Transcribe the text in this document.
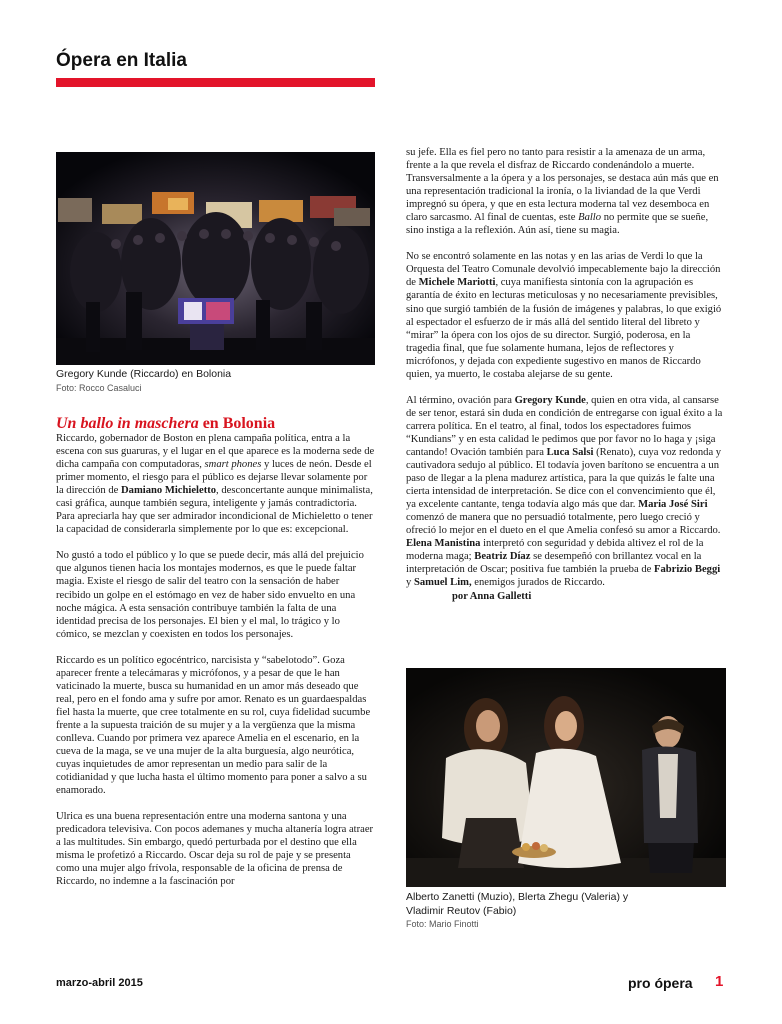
Ópera en Italia
Gregory Kunde (Riccardo) en Bolonia
Foto: Rocco Casaluci
Un ballo in maschera en Bolonia

Riccardo, gobernador de Boston en plena campaña política, entra a la escena con sus guaruras, y el lugar en el que aparece es la moderna sede de dicha campaña con computadoras, smart phones y luces de neón. Desde el primer momento, el riesgo para el público es dejarse llevar solamente por la dirección de Damiano Michieletto, desconcertante aunque minimalista, casi gráfica, aunque también segura, inteligente y jamás contradictoria. Para apreciarla hay que ser admirador incondicional de Michieletto o tener la capacidad de considerarla simplemente por lo que es: excepcional.

No gustó a todo el público y lo que se puede decir, más allá del prejuicio que algunos tienen hacia los montajes modernos, es que le puede faltar magia. Existe el riesgo de salir del teatro con la sensación de haber recibido un golpe en el estómago en vez de haber sido envuelto en una noche mágica. A esta sensación contribuye también la falta de una identidad precisa de los personajes. El bien y el mal, lo trágico y lo cómico, se mezclan y coexisten en todos los personajes.

Riccardo es un político egocéntrico, narcisista y “sabelotodo”. Goza aparecer frente a telecámaras y micrófonos, y a pesar de que le han vaticinado la muerte, busca su humanidad en un amor más deseado que real, pero en el fondo ama y sufre por amor. Renato es un guardaespaldas fiel hasta la muerte, que cree totalmente en su rol, cuya fidelidad sucumbe frente a la supuesta traición de su mujer y a la vergüenza que la misma conlleva. Cuando por primera vez aparece Amelia en el escenario, en la cueva de la maga, se ve una mujer de la alta burguesía, algo neurótica, cuyas inquietudes de amor representan un medio para salir de la cotidianidad y que lucha hasta el último momento para poner a salvo a su enamorado.

Ulrica es una buena representación entre una moderna santona y una predicadora televisiva. Con pocos ademanes y mucha altanería logra atraer a las multitudes. Sin embargo, quedó perturbada por el destino que ella misma le profetizó a Riccardo. Oscar deja su rol de paje y se presenta como una mujer algo frívola, responsable de la oficina de prensa de Riccardo, no indemne a la fascinación por

su jefe. Ella es fiel pero no tanto para resistir a la amenaza de un arma, frente a la que revela el disfraz de Riccardo condenándolo a muerte. Transversalmente a la ópera y a los personajes, se destaca aún más que en una representación tradicional la ironía, o la liviandad de la que Verdi impregnó su ópera, y que en esta lectura moderna tal vez desemboca en claro sarcasmo. Al final de cuentas, este Ballo no permite que se sueñe, sino instiga a la reflexión. Aún así, tiene su magia.

No se encontró solamente en las notas y en las arias de Verdi lo que la Orquesta del Teatro Comunale devolvió impecablemente bajo la dirección de Michele Mariotti, cuya manifiesta sintonía con la agrupación es garantía de éxito en lecturas meticulosas y no necesariamente previsibles, sino que surgió también de la fusión de imágenes y palabras, lo que exigió al espectador el esfuerzo de ir más allá del sentido literal del libreto y “mirar” la ópera con los ojos de su director. Surgió, poderosa, en la tragedia final, que fue solamente humana, lejos de reflectores y micrófonos, y dejada con expediente sugestivo en manos de Riccardo quien, ya muerto, le costaba alejarse de su gente.

Al término, ovación para Gregory Kunde, quien en otra vida, al cansarse de ser tenor, estará sin duda en condición de entregarse con igual éxito a la carrera política. En el teatro, al final, todos los espectadores fuimos “Kundians” y en esta calidad le pedimos que por favor no lo haga y ¡siga cantando! Ovación también para Luca Salsi (Renato), cuya voz redonda y cautivadora sedujo al público. El todavía joven barítono se encuentra a un paso de llegar a la plena madurez artística, para la que quizás le falte una cierta intensidad de interpretación. Se dice con el convencimiento que él, ya excelente cantante, tenga todavía algo más que dar. Maria José Siri comenzó de manera que no persuadió totalmente, pero luego creció y ofreció lo mejor en el dueto en el que Amelia confesó su amor a Riccardo. Elena Manistina interpretó con seguridad y debida altivez el rol de la moderna maga; Beatriz Díaz se desempeñó con brillantez vocal en la interpretación de Oscar; positiva fue también la prueba de Fabrizio Beggi y Samuel Lim, enemigos jurados de Riccardo.

por Anna Galletti
Alberto Zanetti (Muzio), Blerta Zhegu (Valeria) y
Vladimir Reutov (Fabio)
Foto: Mario Finotti
marzo-abril 2015	pro ópera 1
